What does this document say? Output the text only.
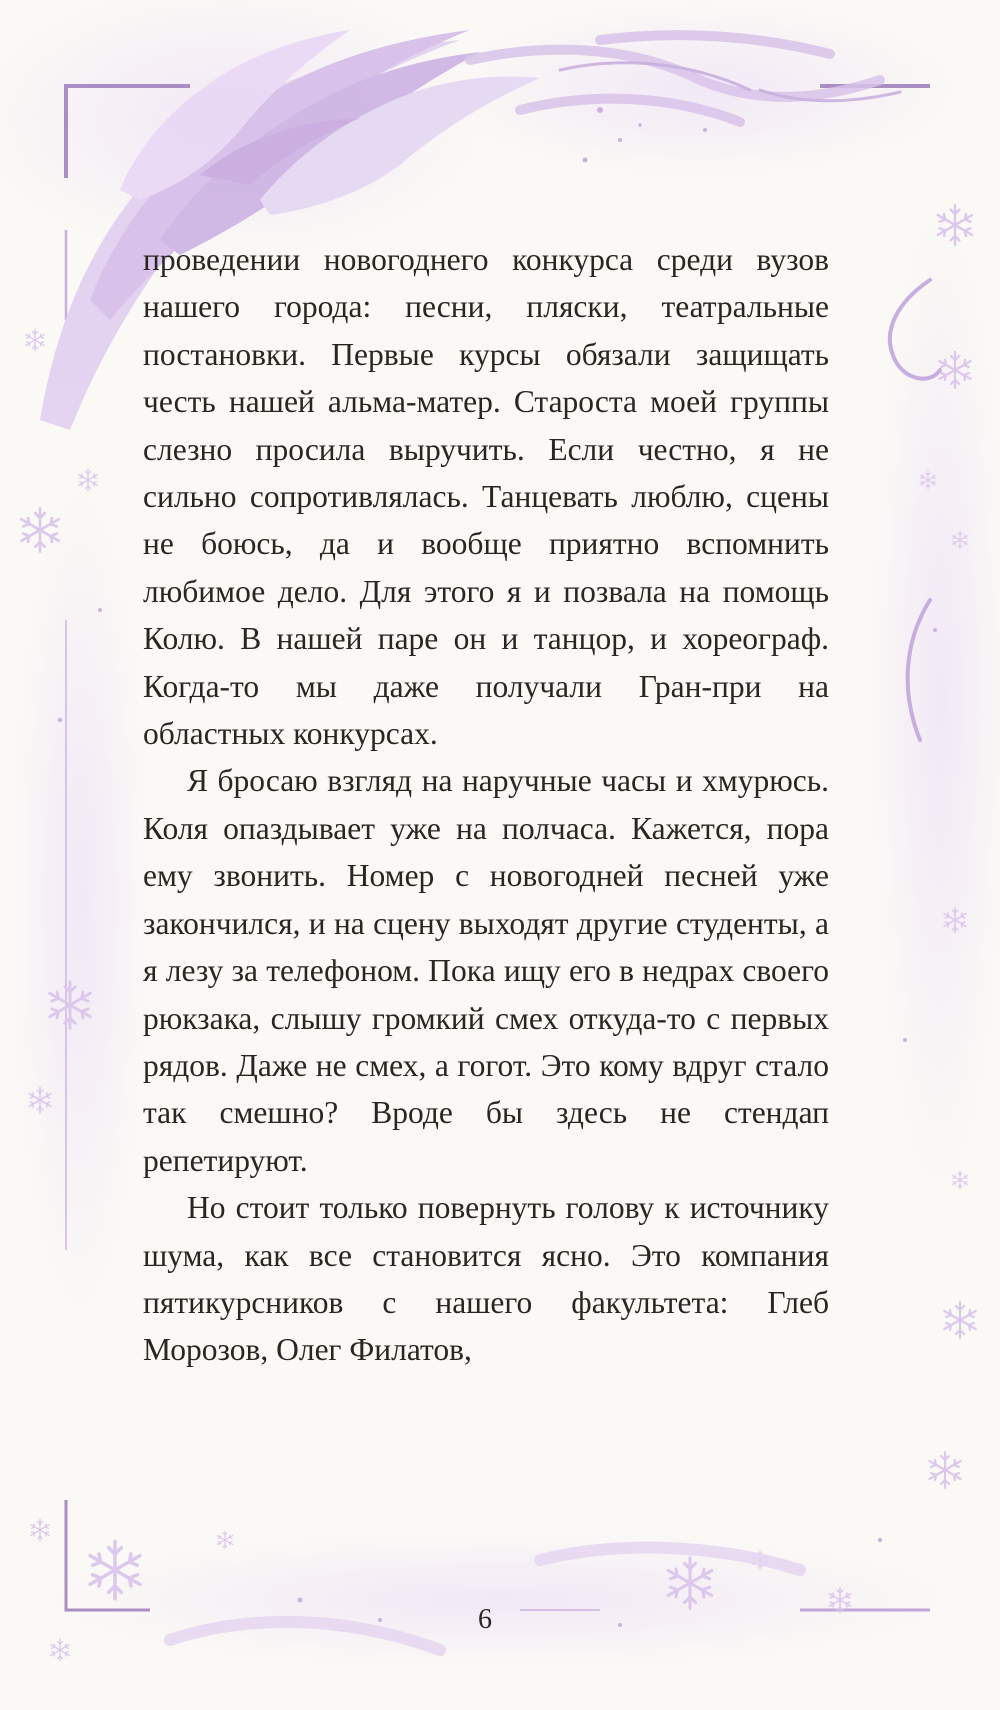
проведении новогоднего конкурса среди вузов нашего города: песни, пляски, театральные постановки. Первые курсы обязали защищать честь нашей альма-матер. Староста моей группы слезно просила выручить. Если честно, я не сильно сопротивлялась. Танцевать люблю, сцены не боюсь, да и вообще приятно вспомнить любимое дело. Для этого я и позвала на помощь Колю. В нашей паре он и танцор, и хореограф. Когда-то мы даже получали Гран-при на областных конкурсах.

Я бросаю взгляд на наручные часы и хмурюсь. Коля опаздывает уже на полчаса. Кажется, пора ему звонить. Номер с новогодней песней уже закончился, и на сцену выходят другие студенты, а я лезу за телефоном. Пока ищу его в недрах своего рюкзака, слышу громкий смех откуда-то с первых рядов. Даже не смех, а гогот. Это кому вдруг стало так смешно? Вроде бы здесь не стендап репетируют.

Но стоит только повернуть голову к источнику шума, как все становится ясно. Это компания пятикурсников с нашего факультета: Глеб Морозов, Олег Филатов,

6
